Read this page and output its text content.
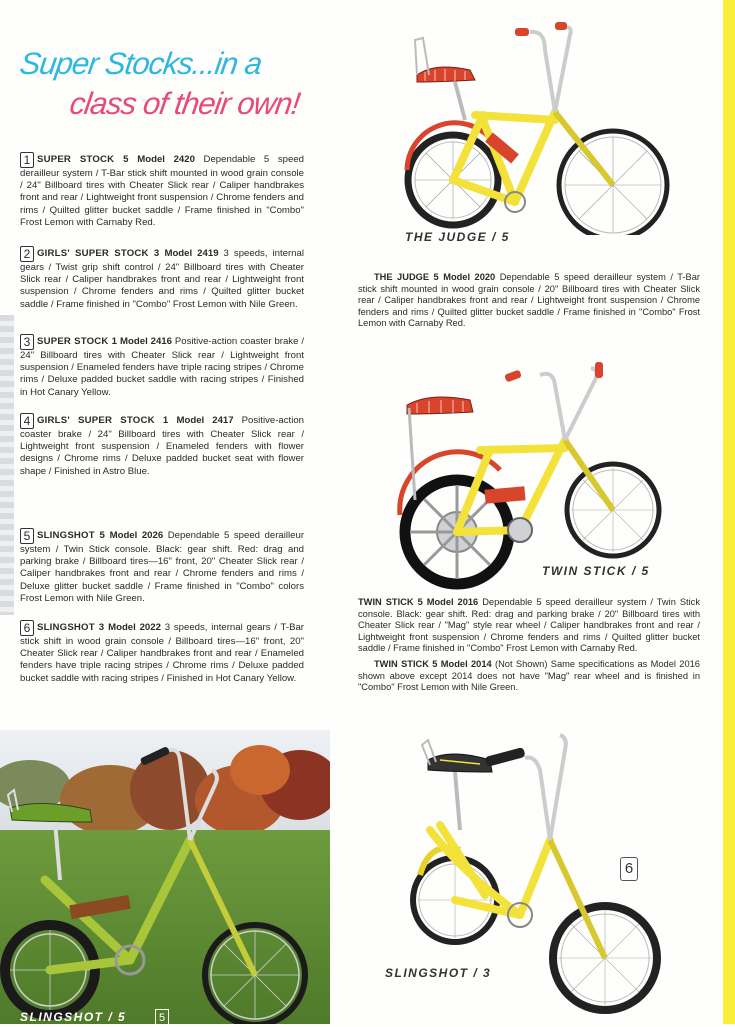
Super Stocks...in a
class of their own!
1 SUPER STOCK 5 Model 2420 Dependable 5 speed derailleur system / T-Bar stick shift mounted in wood grain console / 24" Billboard tires with Cheater Slick rear / Caliper handbrakes front and rear / Lightweight front suspension / Chrome fenders and rims / Quilted glitter bucket saddle / Frame finished in "Combo" Frost Lemon with Carnaby Red.
2 GIRLS' SUPER STOCK 3 Model 2419 3 speeds, internal gears / Twist grip shift control / 24" Billboard tires with Cheater Slick rear / Caliper handbrakes front and rear / Lightweight front suspension / Chrome fenders and rims / Quilted glitter bucket saddle / Frame finished in "Combo" Frost Lemon with Nile Green.
3 SUPER STOCK 1 Model 2416 Positive-action coaster brake / 24" Billboard tires with Cheater Slick rear / Lightweight front suspension / Enameled fenders have triple racing stripes / Chrome rims / Deluxe padded bucket saddle with racing stripes / Finished in Hot Canary Yellow.
4 GIRLS' SUPER STOCK 1 Model 2417 Positive-action coaster brake / 24" Billboard tires with Cheater Slick rear / Lightweight front suspension / Enameled fenders with flower designs / Chrome rims / Deluxe padded bucket seat with flower shape / Finished in Astro Blue.
5 SLINGSHOT 5 Model 2026 Dependable 5 speed derailleur system / Twin Stick console. Black: gear shift. Red: drag and parking brake / Billboard tires—16" front, 20" Cheater Slick rear / Caliper handbrakes front and rear / Chrome fenders and rims / Deluxe glitter bucket saddle / Frame finished in "Combo" colors Frost Lemon with Nile Green.
6 SLINGSHOT 3 Model 2022 3 speeds, internal gears / T-Bar stick shift in wood grain console / Billboard tires—16" front, 20" Cheater Slick rear / Caliper handbrakes front and rear / Enameled fenders have triple racing stripes / Chrome rims / Deluxe padded bucket saddle with racing stripes / Finished in Hot Canary Yellow.
THE JUDGE / 5
THE JUDGE 5 Model 2020 Dependable 5 speed derailleur system / T-Bar stick shift mounted in wood grain console / 20" Billboard tires with Cheater Slick rear / Caliper handbrakes front and rear / Lightweight front suspension / Chrome fenders and rims / Quilted glitter bucket saddle / Frame finished in "Combo" Frost Lemon with Carnaby Red.
TWIN STICK / 5
TWIN STICK 5 Model 2016 Dependable 5 speed derailleur system / Twin Stick console. Black: gear shift. Red: drag and parking brake / 20" Billboard tires with Cheater Slick rear / "Mag" style rear wheel / Caliper handbrakes front and rear / Lightweight front suspension / Chrome fenders and rims / Quilted glitter bucket saddle / Frame finished in "Combo" Frost Lemon with Carnaby Red.
TWIN STICK 5 Model 2014 (Not Shown) Same specifications as Model 2016 shown above except 2014 does not have "Mag" rear wheel and is finished in "Combo" Frost Lemon with Nile Green.
6
SLINGSHOT / 3
SLINGSHOT / 5	5
